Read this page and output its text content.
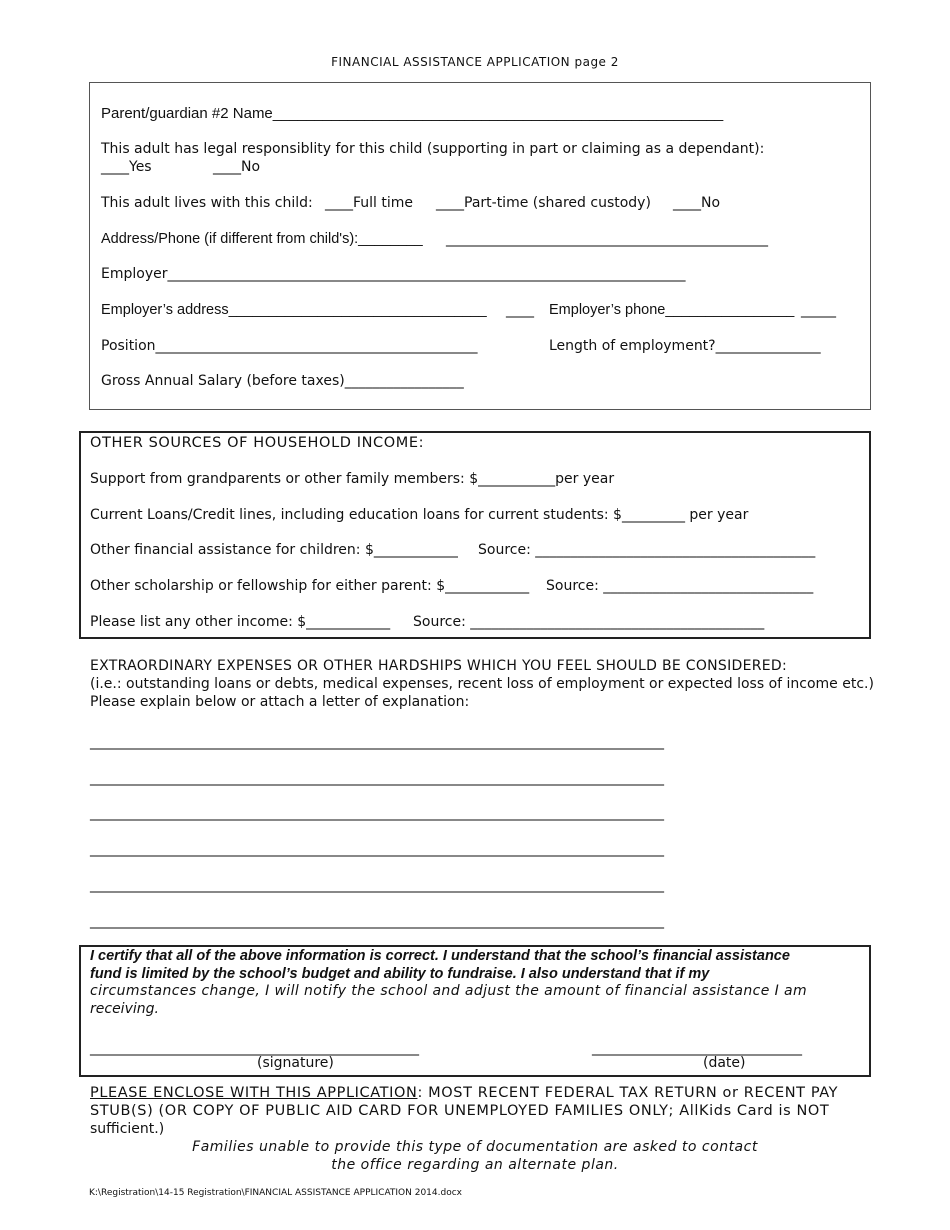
FINANCIAL ASSISTANCE APPLICATION page 2
Parent/guardian #2 Name______________________________________________________
This adult has legal responsiblity for this child (supporting in part or claiming as a dependant):
____Yes	____No
This adult lives with this child: ____Full time ____Part-time (shared custody) ____No
Address/Phone (if different from child's):________ ______________________________________________
Employer__________________________________________________________________________
Employer’s address________________________________ ____ Employer’s phone________________ _____
Position______________________________________________	Length of employment?_______________
Gross Annual Salary (before taxes)_________________
OTHER SOURCES OF HOUSEHOLD INCOME:
Support from grandparents or other family members: $___________per year
Current Loans/Credit lines, including education loans for current students: $_________ per year
Other financial assistance for children: $____________ Source: ________________________________________
Other scholarship or fellowship for either parent: $____________ Source: ______________________________
Please list any other income: $____________ Source: __________________________________________
EXTRAORDINARY EXPENSES OR OTHER HARDSHIPS WHICH YOU FEEL SHOULD BE CONSIDERED:
(i.e.: outstanding loans or debts, medical expenses, recent loss of employment or expected loss of income etc.)
Please explain below or attach a letter of explanation:
__________________________________________________________________________________
__________________________________________________________________________________
__________________________________________________________________________________
__________________________________________________________________________________
__________________________________________________________________________________
__________________________________________________________________________________
I certify that all of the above information is correct. I understand that the school’s financial assistance
fund is limited by the school’s budget and ability to fundraise. I also understand that if my
circumstances change, I will notify the school and adjust the amount of financial assistance I am
receiving.
_______________________________________________	______________________________
(signature)	(date)
PLEASE ENCLOSE WITH THIS APPLICATION: MOST RECENT FEDERAL TAX RETURN or RECENT PAY
STUB(S) (OR COPY OF PUBLIC AID CARD FOR UNEMPLOYED FAMILIES ONLY; AllKids Card is NOT
sufficient.)
Families unable to provide this type of documentation are asked to contact
the office regarding an alternate plan.
K:\Registration\14-15 Registration\FINANCIAL ASSISTANCE APPLICATION 2014.docx
